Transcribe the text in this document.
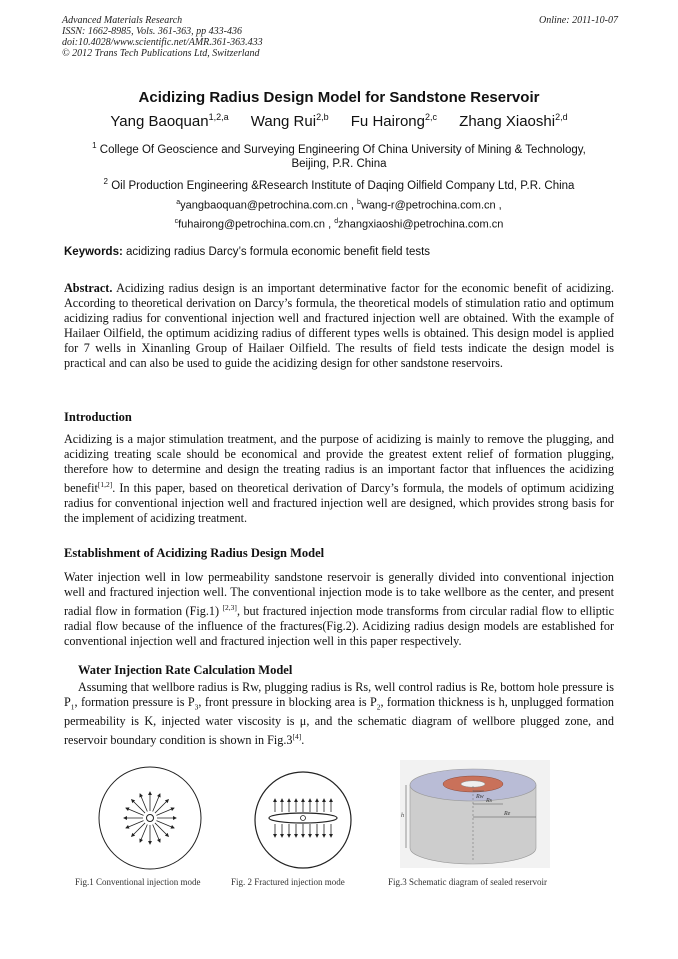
Advanced Materials Research
ISSN: 1662-8985, Vols. 361-363, pp 433-436
doi:10.4028/www.scientific.net/AMR.361-363.433
© 2012 Trans Tech Publications Ltd, Switzerland
Online: 2011-10-07
Acidizing Radius Design Model for Sandstone Reservoir
Yang Baoquan$^{1,2,a}$ Wang Rui$^{2,b}$ Fu Hairong$^{2,c}$ Zhang Xiaoshi$^{2,d}$
$^1$ College Of Geoscience and Surveying Engineering Of China University of Mining & Technology, Beijing, P.R. China
$^2$ Oil Production Engineering &Research Institute of Daqing Oilfield Company Ltd, P.R. China
$^a$yangbaoquan@petrochina.com.cn , $^b$wang-r@petrochina.com.cn ,
$^c$fuhairong@petrochina.com.cn , $^d$zhangxiaoshi@petrochina.com.cn
Keywords: acidizing radius Darcy’s formula economic benefit field tests
Abstract. Acidizing radius design is an important determinative factor for the economic benefit of acidizing. According to theoretical derivation on Darcy’s formula, the theoretical models of stimulation ratio and optimum acidizing radius for conventional injection well and fractured injection well are obtained. With the example of Hailaer Oilfield, the optimum acidizing radius of different types wells is obtained. This design model is applied for 7 wells in Xinanling Group of Hailaer Oilfield. The results of field tests indicate the design model is practical and can also be used to guide the acidizing design for other sandstone reservoirs.
Introduction
Acidizing is a major stimulation treatment, and the purpose of acidizing is mainly to remove the plugging, and acidizing treating scale should be economical and provide the greatest extent relief of formation plugging, therefore how to determine and design the treating radius is an important factor that influences the acidizing benefit[1,2]. In this paper, based on theoretical derivation of Darcy’s formula, the models of optimum acidizing radius for conventional injection well and fractured injection well are designed, which provides strong basis for the implement of acidizing treatment.
Establishment of Acidizing Radius Design Model
Water injection well in low permeability sandstone reservoir is generally divided into conventional injection well and fractured injection well. The conventional injection mode is to take wellbore as the center, and present radial flow in formation (Fig.1) [2,3], but fractured injection mode transforms from circular radial flow to elliptic radial flow because of the influence of the fractures(Fig.2). Acidizing radius design models are established for conventional injection well and fractured injection well in this paper respectively.
Water Injection Rate Calculation Model
Assuming that wellbore radius is Rw, plugging radius is Rs, well control radius is Re, bottom hole pressure is $P_1$, formation pressure is $P_3$, front pressure in blocking area is $P_2$, formation thickness is h, unplugged formation permeability is K, injected water viscosity is μ, and the schematic diagram of wellbore plugged zone, and reservoir boundary condition is shown in Fig.3[4].
Rw
Rs
Re
h
Fig.1 Conventional injection mode	Fig. 2 Fractured injection mode	Fig.3 Schematic diagram of sealed reservoir
